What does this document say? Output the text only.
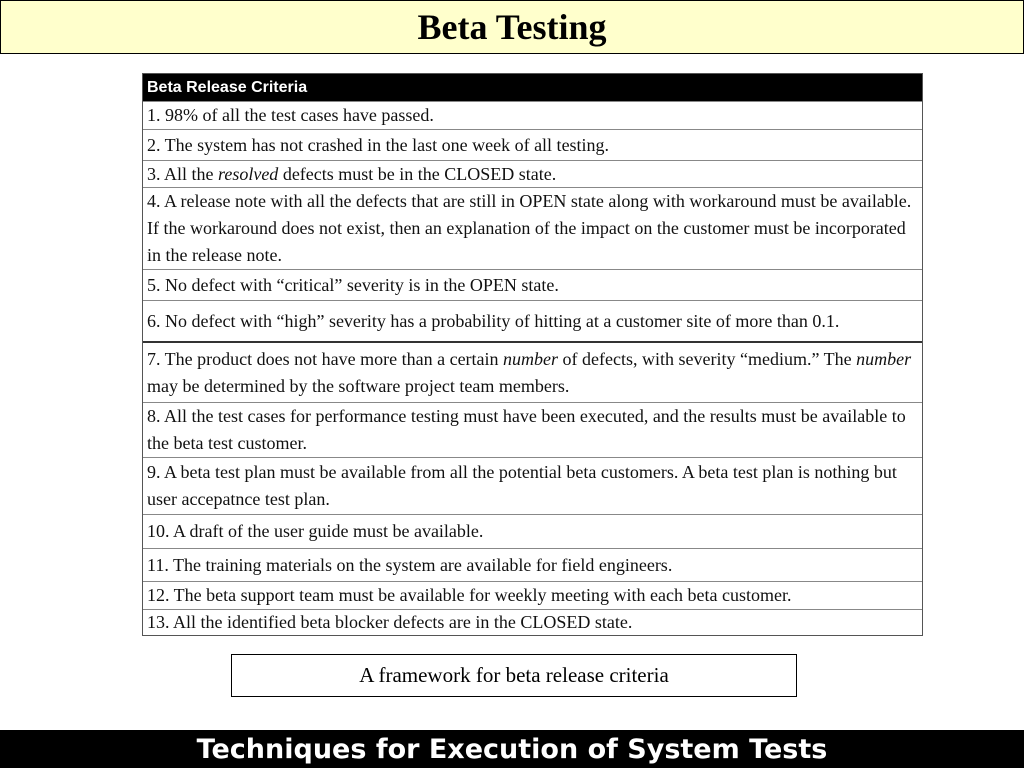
Beta Testing
Beta Release Criteria
1. 98% of all the test cases have passed.
2. The system has not crashed in the last one week of all testing.
3. All the resolved defects must be in the CLOSED state.
4. A release note with all the defects that are still in OPEN state along with workaround must be available. If the workaround does not exist, then an explanation of the impact on the customer must be incorporated in the release note.
5. No defect with “critical” severity is in the OPEN state.
6. No defect with “high” severity has a probability of hitting at a customer site of more than 0.1.
7. The product does not have more than a certain number of defects, with severity “medium.” The number may be determined by the software project team members.
8. All the test cases for performance testing must have been executed, and the results must be available to the beta test customer.
9. A beta test plan must be available from all the potential beta customers. A beta test plan is nothing but user accepatnce test plan.
10. A draft of the user guide must be available.
11. The training materials on the system are available for field engineers.
12. The beta support team must be available for weekly meeting with each beta customer.
13. All the identified beta blocker defects are in the CLOSED state.
A framework for beta release criteria
Techniques for Execution of System Tests
